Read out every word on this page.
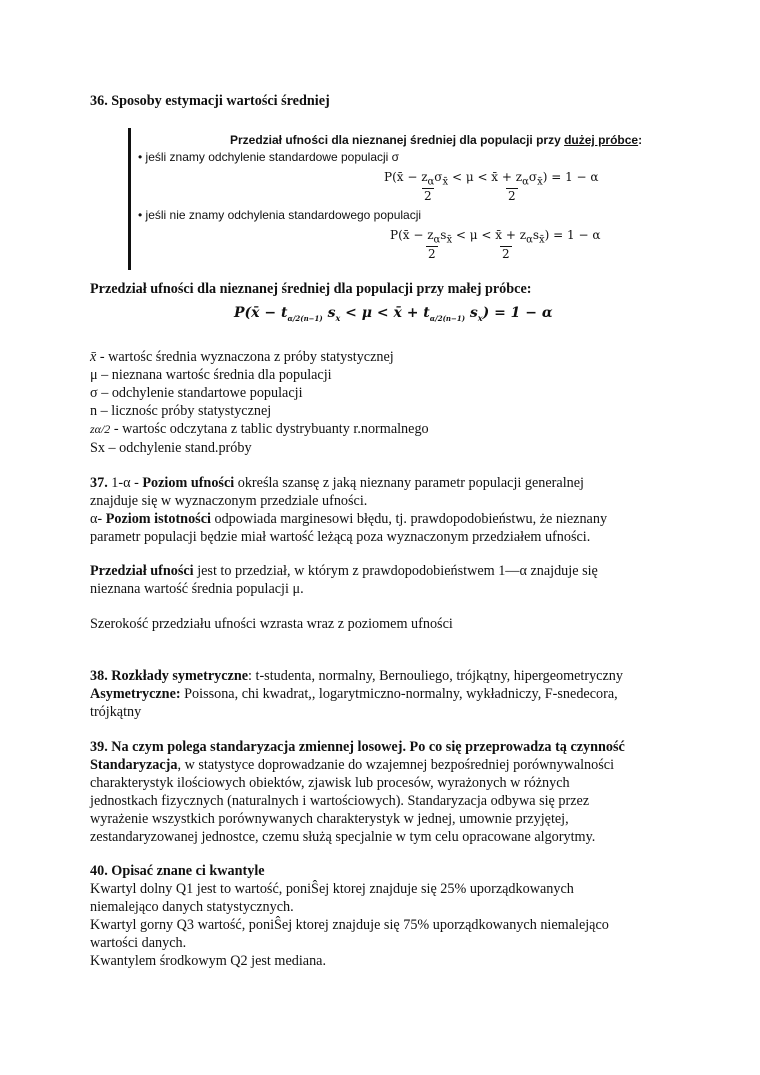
36. Sposoby estymacji wartości średniej
Przedział ufności dla nieznanej średniej dla populacji przy dużej próbce:
• jeśli znamy odchylenie standardowe populacji σ
P(x̄ − $z_\alpha\sigma_{x̄} < \mu$ < x̄ + $z_\alpha\sigma_{x̄}) = 1 - \alpha$
2	2
• jeśli nie znamy odchylenia standardowego populacji
P(x̄ − $z_\alpha s_{x̄} < \mu$ < x̄ + $z_\alpha s_{x̄}) = 1 - \alpha$
2	2
Przedział ufności dla nieznanej średniej dla populacji przy małej próbce:
P(x̄ − $t_{\alpha/2(n-1)}$ $s_x < \mu$ < x̄ + $t_{\alpha/2(n-1)}$ $s_x) = 1 - \alpha$
x̄ - wartośc średnia wyznaczona z próby statystycznej
μ – nieznana wartośc średnia dla populacji
σ – odchylenie standartowe populacji
n – licznośc próby statystycznej
zα/2 - wartośc odczytana z tablic dystrybuanty r.normalnego
Sx – odchylenie stand.próby
37. 1-α - Poziom ufności określa szansę z jaką nieznany parametr populacji generalnej
znajduje się w wyznaczonym przedziale ufności.
α- Poziom istotności odpowiada marginesowi błędu, tj. prawdopodobieństwu, że nieznany
parametr populacji będzie miał wartość leżącą poza wyznaczonym przedziałem ufności.
Przedział ufności jest to przedział, w którym z prawdopodobieństwem 1—α znajduje się
nieznana wartość średnia populacji μ.
Szerokość przedziału ufności wzrasta wraz z poziomem ufności
38. Rozkłady symetryczne: t-studenta, normalny, Bernouliego, trójkątny, hipergeometryczny
Asymetryczne: Poissona, chi kwadrat,, logarytmiczno-normalny, wykładniczy, F-snedecora,
trójkątny
39. Na czym polega standaryzacja zmiennej losowej. Po co się przeprowadza tą czynność
Standaryzacja, w statystyce doprowadzanie do wzajemnej bezpośredniej porównywalności
charakterystyk ilościowych obiektów, zjawisk lub procesów, wyrażonych w różnych
jednostkach fizycznych (naturalnych i wartościowych). Standaryzacja odbywa się przez
wyrażenie wszystkich porównywanych charakterystyk w jednej, umownie przyjętej,
zestandaryzowanej jednostce, czemu służą specjalnie w tym celu opracowane algorytmy.
40. Opisać znane ci kwantyle
Kwartyl dolny Q1 jest to wartość, poniŜej ktorej znajduje się 25% uporządkowanych
niemalejąco danych statystycznych.
Kwartyl gorny Q3 wartość, poniŜej ktorej znajduje się 75% uporządkowanych niemalejąco
wartości danych.
Kwantylem środkowym Q2 jest mediana.
